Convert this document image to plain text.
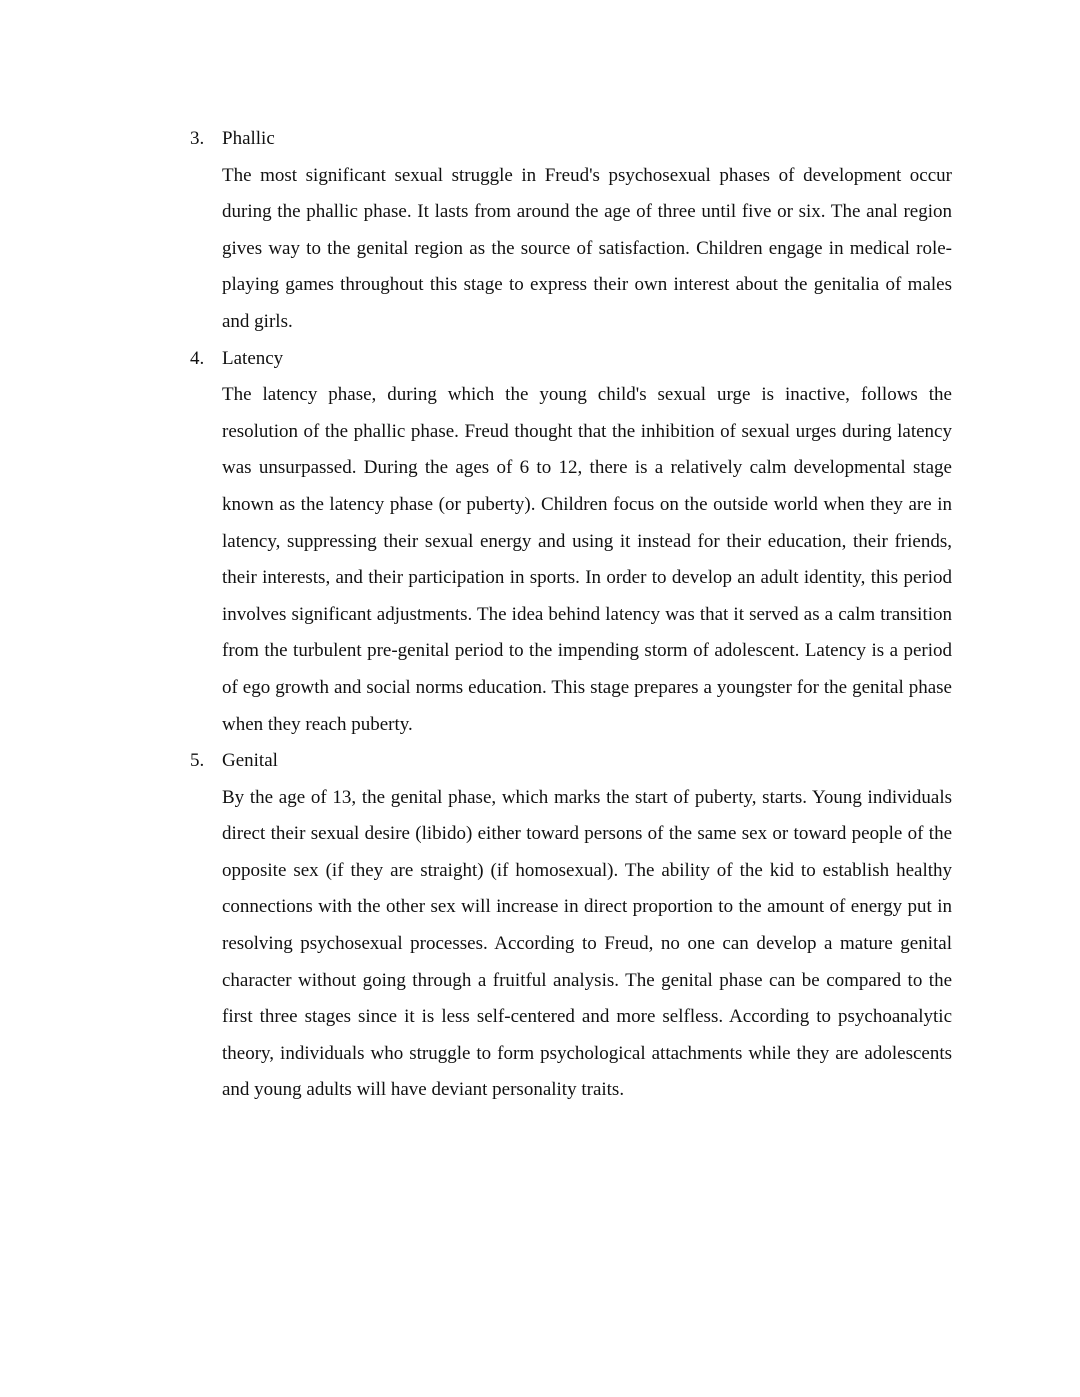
3. Phallic
The most significant sexual struggle in Freud's psychosexual phases of development occur during the phallic phase. It lasts from around the age of three until five or six. The anal region gives way to the genital region as the source of satisfaction. Children engage in medical role-playing games throughout this stage to express their own interest about the genitalia of males and girls.
4. Latency
The latency phase, during which the young child's sexual urge is inactive, follows the resolution of the phallic phase. Freud thought that the inhibition of sexual urges during latency was unsurpassed. During the ages of 6 to 12, there is a relatively calm developmental stage known as the latency phase (or puberty). Children focus on the outside world when they are in latency, suppressing their sexual energy and using it instead for their education, their friends, their interests, and their participation in sports. In order to develop an adult identity, this period involves significant adjustments. The idea behind latency was that it served as a calm transition from the turbulent pre-genital period to the impending storm of adolescent. Latency is a period of ego growth and social norms education. This stage prepares a youngster for the genital phase when they reach puberty.
5. Genital
By the age of 13, the genital phase, which marks the start of puberty, starts. Young individuals direct their sexual desire (libido) either toward persons of the same sex or toward people of the opposite sex (if they are straight) (if homosexual). The ability of the kid to establish healthy connections with the other sex will increase in direct proportion to the amount of energy put in resolving psychosexual processes. According to Freud, no one can develop a mature genital character without going through a fruitful analysis. The genital phase can be compared to the first three stages since it is less self-centered and more selfless. According to psychoanalytic theory, individuals who struggle to form psychological attachments while they are adolescents and young adults will have deviant personality traits.
